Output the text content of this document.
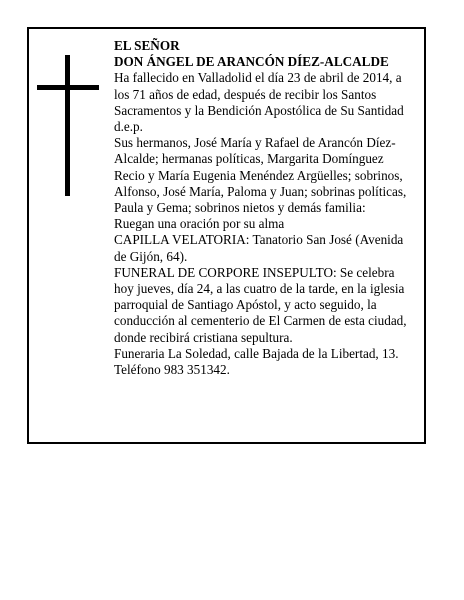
EL SEÑOR

DON ÁNGEL DE ARANCÓN DÍEZ-ALCALDE

Ha fallecido en Valladolid el día 23 de abril de 2014, a los 71 años de edad, después de recibir los Santos Sacramentos y la Bendición Apostólica de Su Santidad d.e.p.

Sus hermanos, José María y Rafael de Arancón Díez-Alcalde; hermanas políticas, Margarita Domínguez Recio y María Eugenia Menéndez Argüelles; sobrinos, Alfonso, José María, Paloma y Juan; sobrinas políticas, Paula y Gema; sobrinos nietos y demás familia:

Ruegan una oración por su alma

CAPILLA VELATORIA: Tanatorio San José (Avenida de Gijón, 64).

FUNERAL DE CORPORE INSEPULTO: Se celebra hoy jueves, día 24, a las cuatro de la tarde, en la iglesia parroquial de Santiago Apóstol, y acto seguido, la conducción al cementerio de El Carmen de esta ciudad, donde recibirá cristiana sepultura.

Funeraria La Soledad, calle Bajada de la Libertad, 13. Teléfono 983 351342.
